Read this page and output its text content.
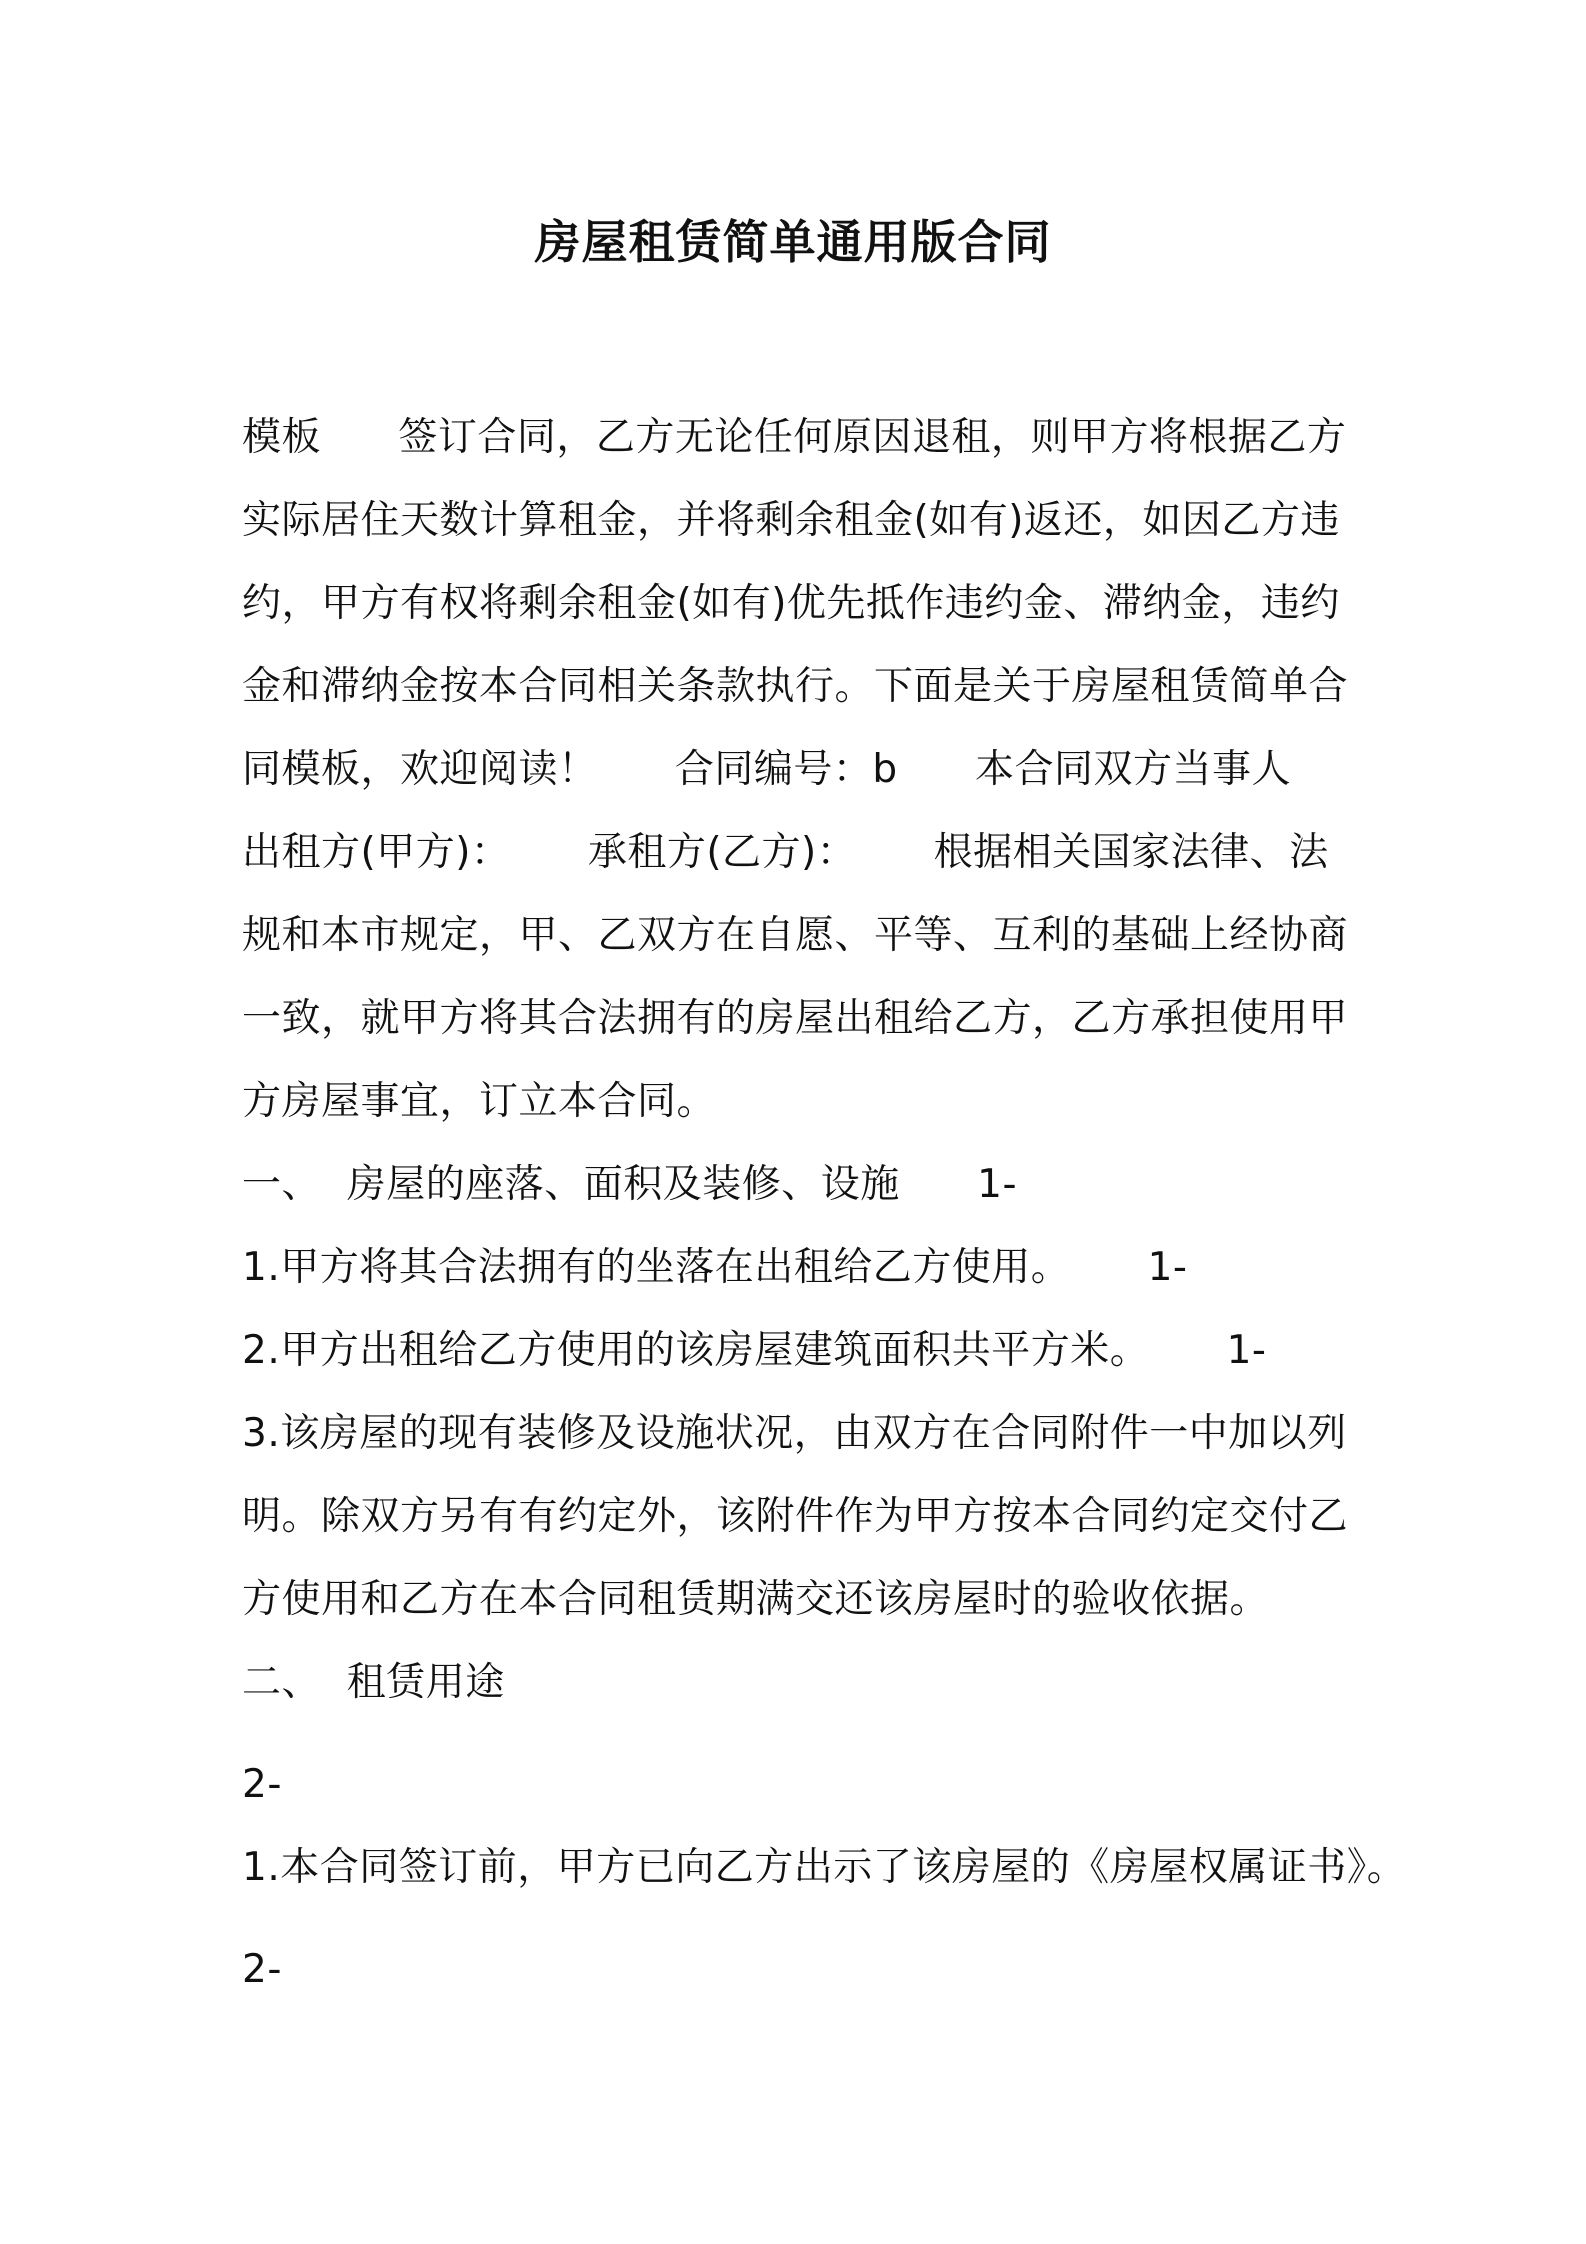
房屋租赁简单通用版合同
模板      签订合同，乙方无论任何原因退租，则甲方将根据乙方
实际居住天数计算租金，并将剩余租金(如有)返还，如因乙方违
约，甲方有权将剩余租金(如有)优先抵作违约金、滞纳金，违约
金和滞纳金按本合同相关条款执行。下面是关于房屋租赁简单合
同模板，欢迎阅读！      合同编号：b      本合同双方当事人
出租方(甲方)：      承租方(乙方)：      根据相关国家法律、法
规和本市规定，甲、乙双方在自愿、平等、互利的基础上经协商
一致，就甲方将其合法拥有的房屋出租给乙方，乙方承担使用甲
方房屋事宜，订立本合同。
一、  房屋的座落、面积及装修、设施      1-
1.甲方将其合法拥有的坐落在出租给乙方使用。      1-
2.甲方出租给乙方使用的该房屋建筑面积共平方米。      1-
3.该房屋的现有装修及设施状况，由双方在合同附件一中加以列
明。除双方另有有约定外，该附件作为甲方按本合同约定交付乙
方使用和乙方在本合同租赁期满交还该房屋时的验收依据。
二、  租赁用途
2-
1.本合同签订前，甲方已向乙方出示了该房屋的《房屋权属证书》。
2-
